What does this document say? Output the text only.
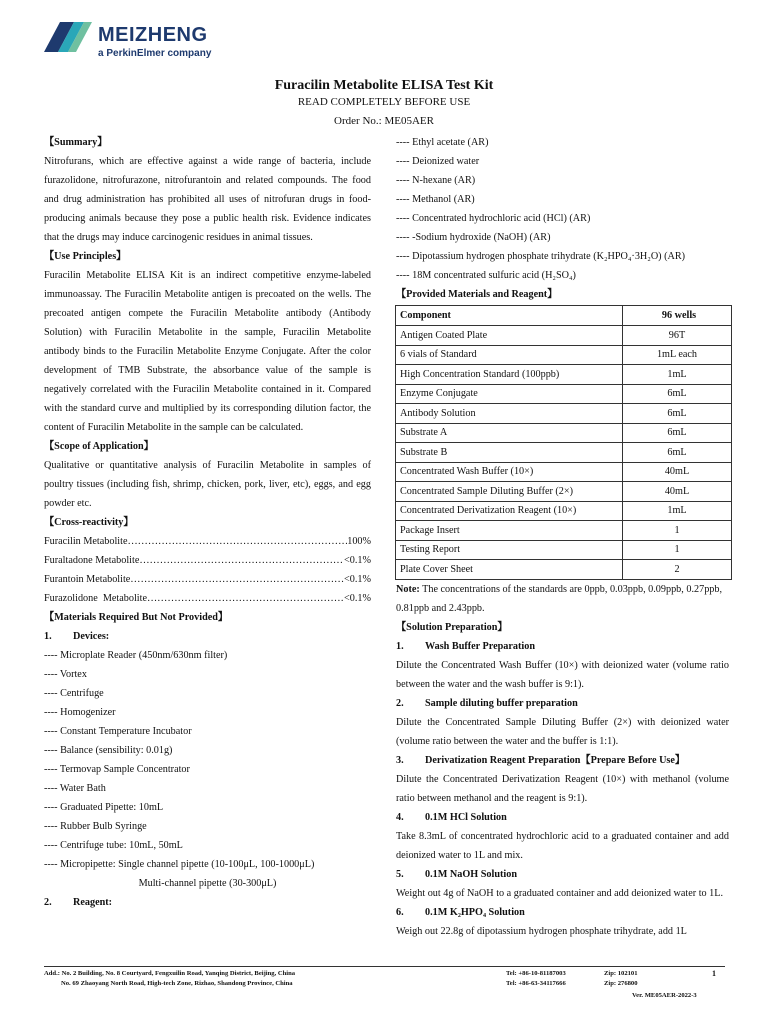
MEIZHENG
a PerkinElmer company
Furacilin Metabolite ELISA Test Kit
READ COMPLETELY BEFORE USE
Order No.: ME05AER
【Summary】
Nitrofurans, which are effective against a wide range of bacteria, include furazolidone, nitrofurazone, nitrofurantoin and related compounds. The food and drug administration has prohibited all uses of nitrofuran drugs in food-producing animals because they pose a public health risk. Evidence indicates that the drugs may induce carcinogenic residues in animal tissues.
【Use Principles】
Furacilin Metabolite ELISA Kit is an indirect competitive enzyme-labeled immunoassay. The Furacilin Metabolite antigen is precoated on the wells. The precoated antigen compete the Furacilin Metabolite antibody (Antibody Solution) with Furacilin Metabolite in the sample, Furacilin Metabolite antibody binds to the Furacilin Metabolite Enzyme Conjugate. After the color development of TMB Substrate, the absorbance value of the sample is negatively correlated with the Furacilin Metabolite contained in it. Compared with the standard curve and multiplied by its corresponding dilution factor, the content of Furacilin Metabolite in the sample can be calculated.
【Scope of Application】
Qualitative or quantitative analysis of Furacilin Metabolite in samples of poultry tissues (including fish, shrimp, chicken, pork, liver, etc), eggs, and egg powder etc.
【Cross-reactivity】
Furacilin Metabolite …………………………………………………………………………………………	100%
Furaltadone Metabolite …………………………………………………………………………………………	<0.1%
Furantoin Metabolite …………………………………………………………………………………………	<0.1%
Furazolidone  Metabolite …………………………………………………………………………………………	<0.1%
【Materials Required But Not Provided】
1.	Devices:
---- Microplate Reader (450nm/630nm filter)
---- Vortex
---- Centrifuge
---- Homogenizer
---- Constant Temperature Incubator
---- Balance (sensibility: 0.01g)
---- Termovap Sample Concentrator
---- Water Bath
---- Graduated Pipette: 10mL
---- Rubber Bulb Syringe
---- Centrifuge tube: 10mL, 50mL
---- Micropipette: Single channel pipette (10-100μL, 100-1000μL)
Multi-channel pipette (30-300μL)
2.	Reagent:
---- Ethyl acetate (AR)
---- Deionized water
---- N-hexane (AR)
---- Methanol (AR)
---- Concentrated hydrochloric acid (HCl) (AR)
---- -Sodium hydroxide (NaOH) (AR)
---- Dipotassium hydrogen phosphate trihydrate (K₂HPO₄·3H₂O) (AR)
---- 18M concentrated sulfuric acid (H₂SO₄)
【Provided Materials and Reagent】
Component	96 wells
Antigen Coated Plate	96T
6 vials of Standard	1mL each
High Concentration Standard (100ppb)	1mL
Enzyme Conjugate	6mL
Antibody Solution	6mL
Substrate A	6mL
Substrate B	6mL
Concentrated Wash Buffer (10×)	40mL
Concentrated Sample Diluting Buffer (2×)	40mL
Concentrated Derivatization Reagent (10×)	1mL
Package Insert	1
Testing Report	1
Plate Cover Sheet	2
Note: The concentrations of the standards are 0ppb, 0.03ppb, 0.09ppb, 0.27ppb, 0.81ppb and 2.43ppb.
【Solution Preparation】
1.	Wash Buffer Preparation
Dilute the Concentrated Wash Buffer (10×) with deionized water (volume ratio between the water and the wash buffer is 9:1).
2.	Sample diluting buffer preparation
Dilute the Concentrated Sample Diluting Buffer (2×) with deionized water (volume ratio between the water and the buffer is 1:1).
3.	Derivatization Reagent Preparation【Prepare Before Use】
Dilute the Concentrated Derivatization Reagent (10×) with methanol (volume ratio between methanol and the reagent is 9:1).
4.	0.1M HCl Solution
Take 8.3mL of concentrated hydrochloric acid to a graduated container and add deionized water to 1L and mix.
5.	0.1M NaOH Solution
Weight out 4g of NaOH to a graduated container and add deionized water to 1L.
6.	0.1M K₂HPO₄ Solution
Weigh out 22.8g of dipotassium hydrogen phosphate trihydrate, add 1L
Add.: No. 2 Building, No. 8 Courtyard, Fengxuilin Road, Yanqing District, Beijing, China
No. 69 Zhaoyang North Road, High-tech Zone, Rizhao, Shandong Province, China
Tel: +86-10-81187003
Tel: +86-63-34117666
Zip: 102101
Zip: 276800
1
Ver. ME05AER-2022-3
